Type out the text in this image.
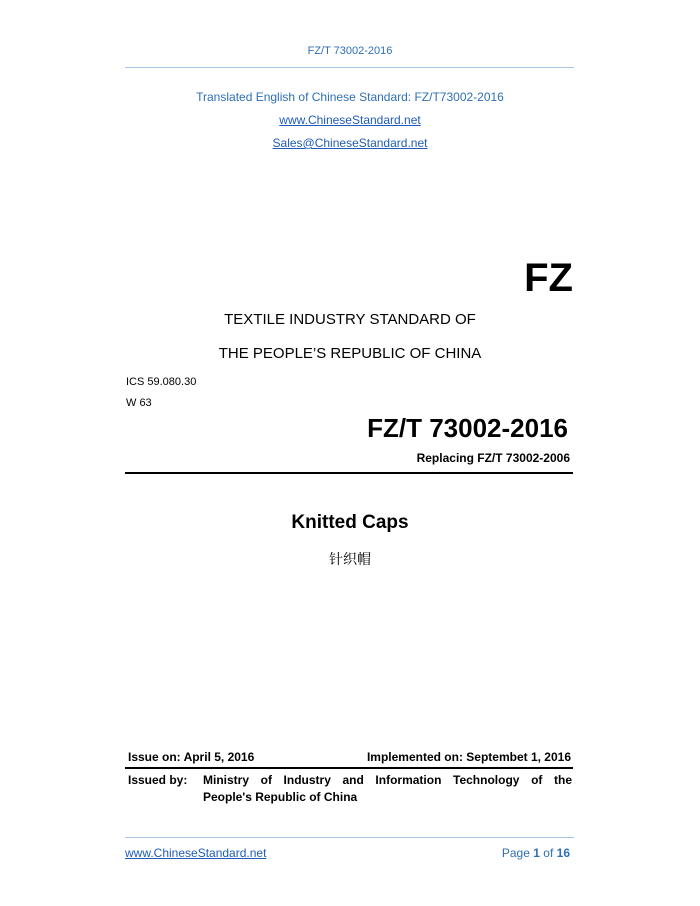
FZ/T 73002-2016
Translated English of Chinese Standard: FZ/T73002-2016
www.ChineseStandard.net
Sales@ChineseStandard.net
FZ
TEXTILE INDUSTRY STANDARD OF
THE PEOPLE’S REPUBLIC OF CHINA
ICS 59.080.30
W 63
FZ/T 73002-2016
Replacing FZ/T 73002-2006
Knitted Caps
针织帽
Issue on: April 5, 2016	Implemented on: Septembet 1, 2016
Issued by: Ministry of Industry and Information Technology of the
People's Republic of China
www.ChineseStandard.net	Page 1 of 16
